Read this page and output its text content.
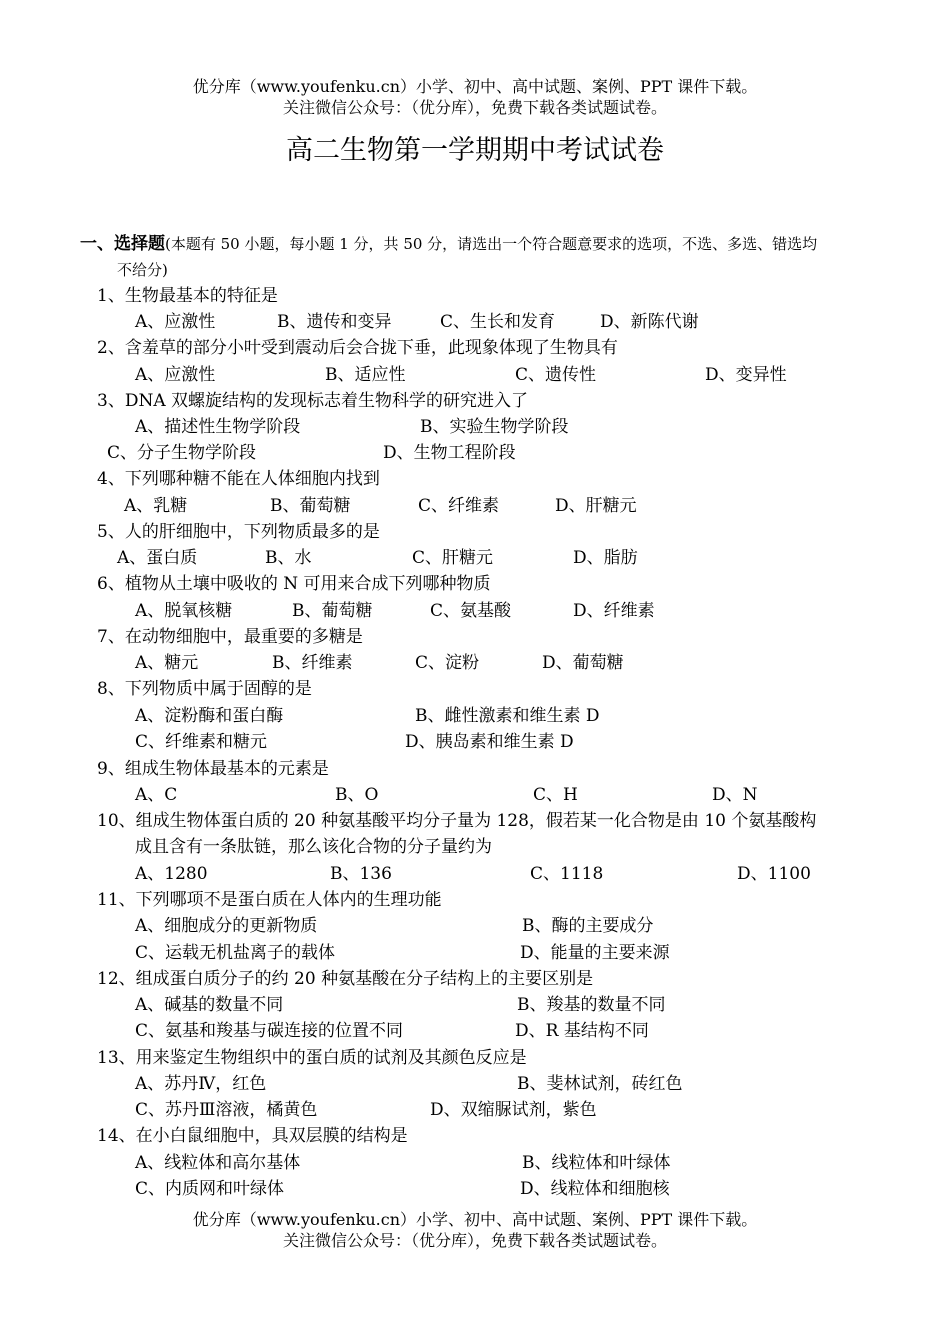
优分库（www.youfenku.cn）小学、初中、高中试题、案例、PPT 课件下载。
关注微信公众号：（优分库），免费下载各类试题试卷。
高二生物第一学期期中考试试卷
一、选择题(本题有 50 小题，每小题 1 分，共 50 分，请选出一个符合题意要求的选项，不选、多选、错选均
不给分)
1、生物最基本的特征是
A、应激性	B、遗传和变异	C、生长和发育	D、新陈代谢
2、含羞草的部分小叶受到震动后会合拢下垂，此现象体现了生物具有
A、应激性	B、适应性	C、遗传性	D、变异性
3、DNA 双螺旋结构的发现标志着生物科学的研究进入了
A、描述性生物学阶段	B、实验生物学阶段
C、分子生物学阶段	D、生物工程阶段
4、下列哪种糖不能在人体细胞内找到
A、乳糖	B、葡萄糖	C、纤维素	D、肝糖元
5、人的肝细胞中，下列物质最多的是
A、蛋白质	B、水	C、肝糖元	D、脂肪
6、植物从土壤中吸收的 N 可用来合成下列哪种物质
A、脱氧核糖	B、葡萄糖	C、氨基酸	D、纤维素
7、在动物细胞中，最重要的多糖是
A、糖元	B、纤维素	C、淀粉	D、葡萄糖
8、下列物质中属于固醇的是
A、淀粉酶和蛋白酶	B、雌性激素和维生素 D
C、纤维素和糖元	D、胰岛素和维生素 D
9、组成生物体最基本的元素是
A、C	B、O	C、H	D、N
10、组成生物体蛋白质的 20 种氨基酸平均分子量为 128，假若某一化合物是由 10 个氨基酸构
成且含有一条肽链，那么该化合物的分子量约为
A、1280	B、136	C、1118	D、1100
11、下列哪项不是蛋白质在人体内的生理功能
A、细胞成分的更新物质	B、酶的主要成分
C、运载无机盐离子的载体	D、能量的主要来源
12、组成蛋白质分子的约 20 种氨基酸在分子结构上的主要区别是
A、碱基的数量不同	B、羧基的数量不同
C、氨基和羧基与碳连接的位置不同	D、R 基结构不同
13、用来鉴定生物组织中的蛋白质的试剂及其颜色反应是
A、苏丹Ⅳ，红色	B、斐林试剂，砖红色
C、苏丹Ⅲ溶液，橘黄色	D、双缩脲试剂，紫色
14、在小白鼠细胞中，具双层膜的结构是
A、线粒体和高尔基体	B、线粒体和叶绿体
C、内质网和叶绿体	D、线粒体和细胞核
优分库（www.youfenku.cn）小学、初中、高中试题、案例、PPT 课件下载。
关注微信公众号：（优分库），免费下载各类试题试卷。
